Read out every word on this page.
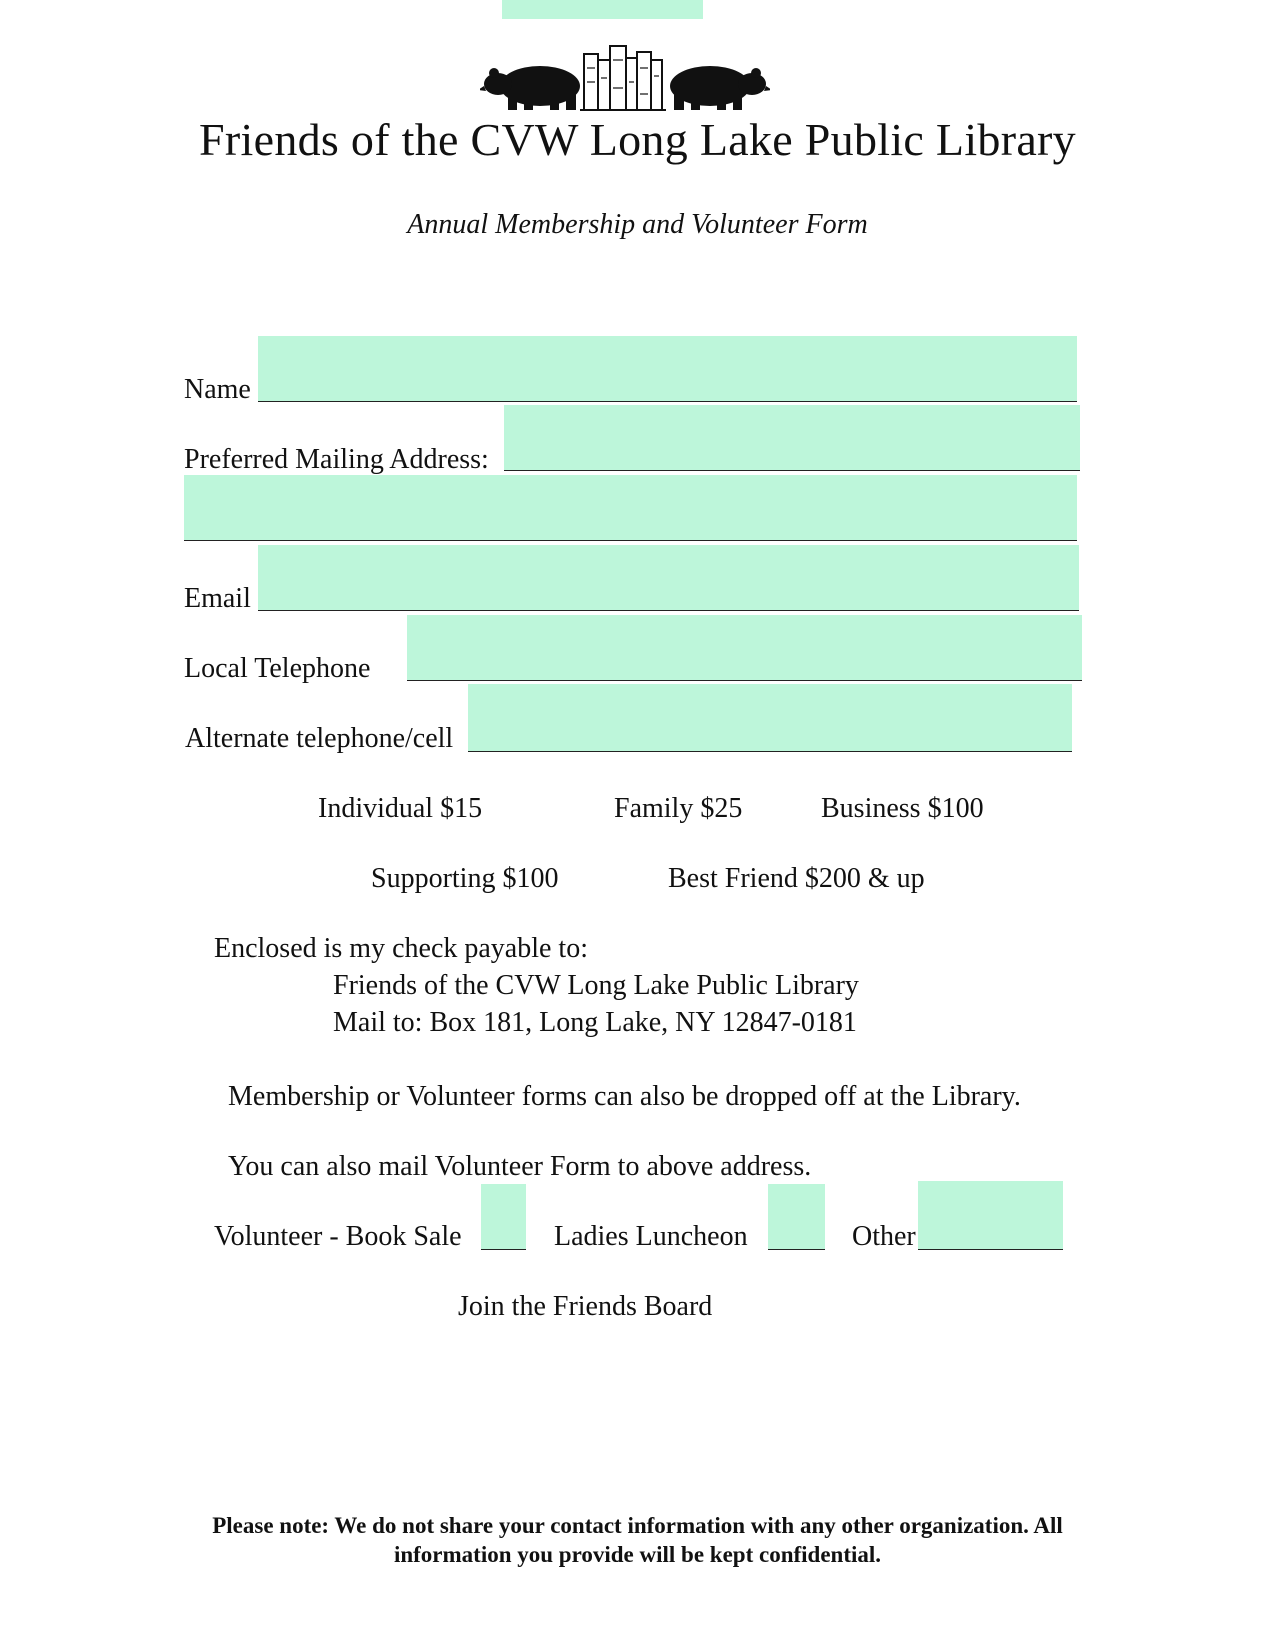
Friends of the CVW Long Lake Public Library
Annual Membership and Volunteer Form
Name
Preferred Mailing Address:
Email
Local Telephone
Alternate telephone/cell
Individual $15	Family $25	Business $100
Supporting $100	Best Friend $200 & up
Enclosed is my check payable to:
Friends of the CVW Long Lake Public Library
Mail to: Box 181, Long Lake, NY 12847-0181
Membership or Volunteer forms can also be dropped off at the Library.
You can also mail Volunteer Form to above address.
Volunteer - Book Sale	Ladies Luncheon	Other
Join the Friends Board
Please note: We do not share your contact information with any other organization. All
information you provide will be kept confidential.
